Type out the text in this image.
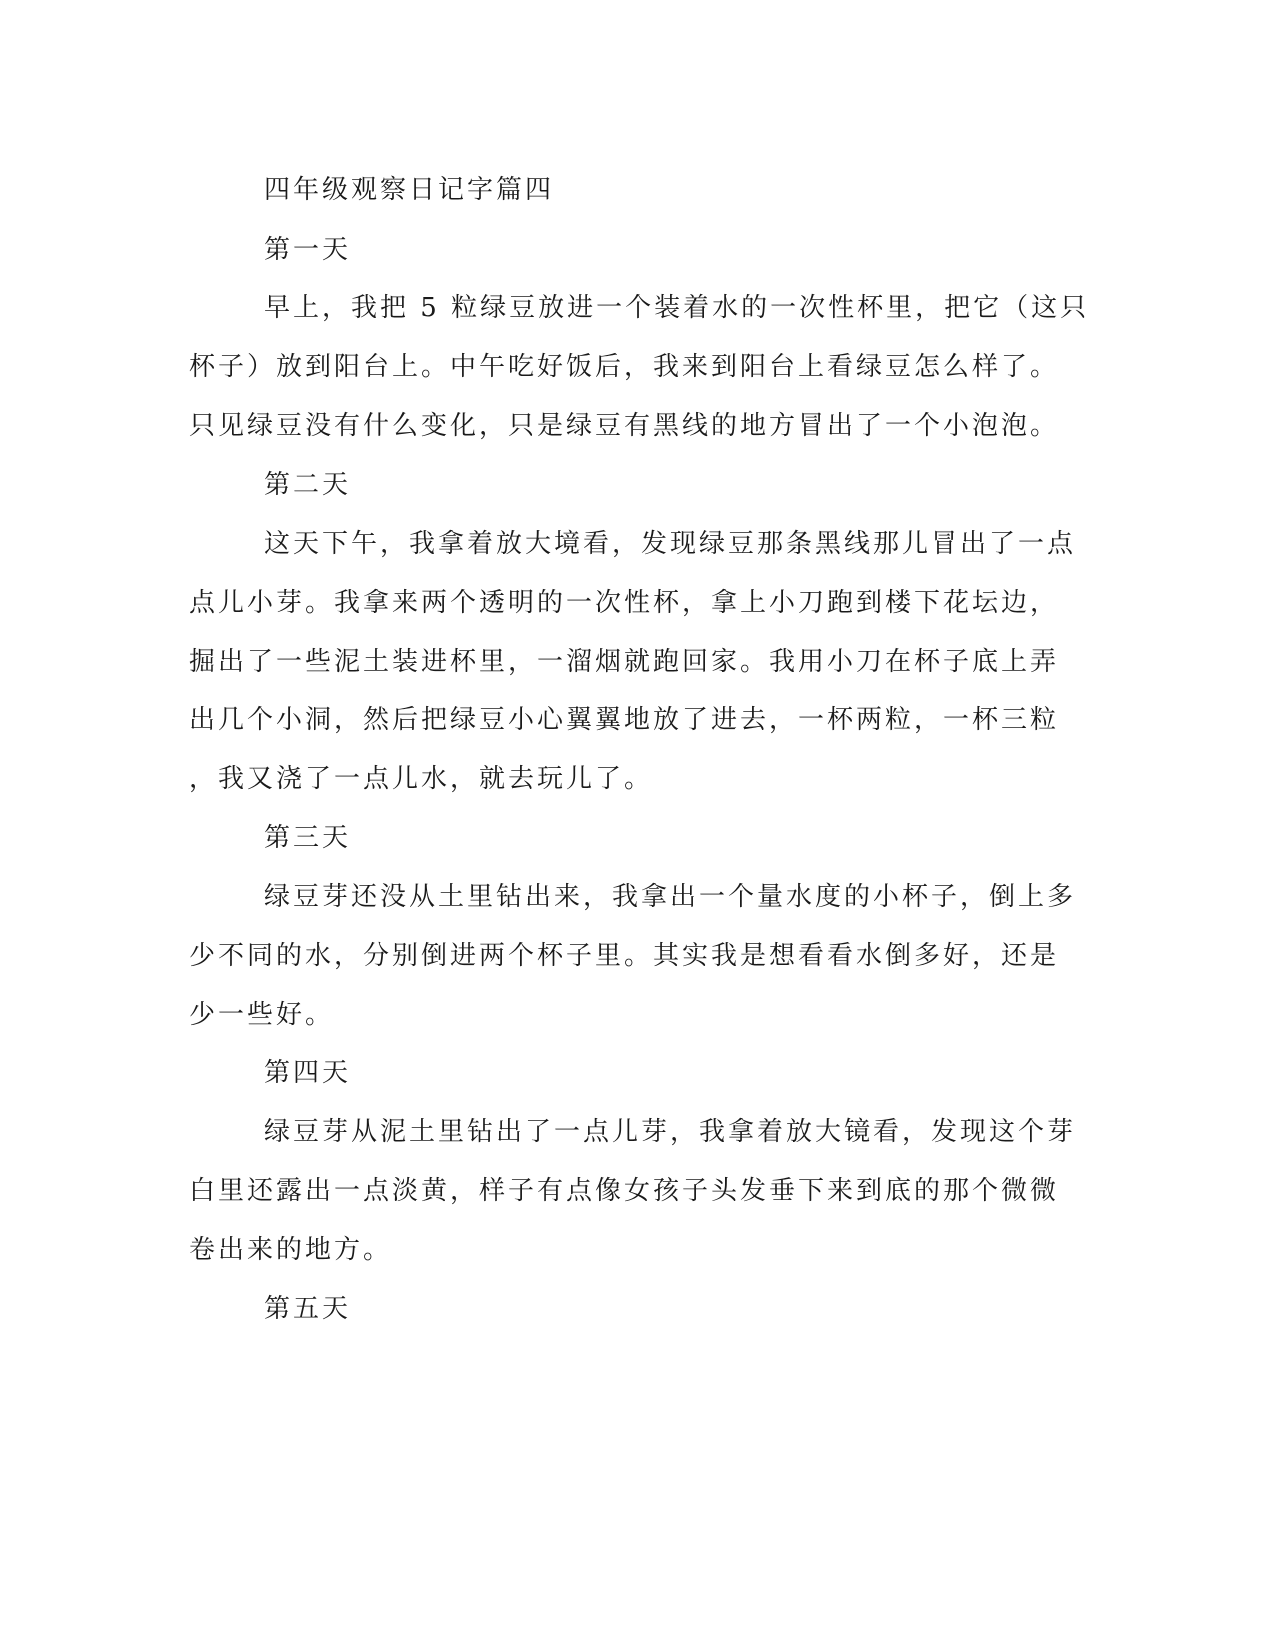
四年级观察日记字篇四
第一天
早上，我把 5 粒绿豆放进一个装着水的一次性杯里，把它（这只
杯子）放到阳台上。中午吃好饭后，我来到阳台上看绿豆怎么样了。
只见绿豆没有什么变化，只是绿豆有黑线的地方冒出了一个小泡泡。
第二天
这天下午，我拿着放大境看，发现绿豆那条黑线那儿冒出了一点
点儿小芽。我拿来两个透明的一次性杯，拿上小刀跑到楼下花坛边，
掘出了一些泥土装进杯里，一溜烟就跑回家。我用小刀在杯子底上弄
出几个小洞，然后把绿豆小心翼翼地放了进去，一杯两粒，一杯三粒
，我又浇了一点儿水，就去玩儿了。
第三天
绿豆芽还没从土里钻出来，我拿出一个量水度的小杯子，倒上多
少不同的水，分别倒进两个杯子里。其实我是想看看水倒多好，还是
少一些好。
第四天
绿豆芽从泥土里钻出了一点儿芽，我拿着放大镜看，发现这个芽
白里还露出一点淡黄，样子有点像女孩子头发垂下来到底的那个微微
卷出来的地方。
第五天
